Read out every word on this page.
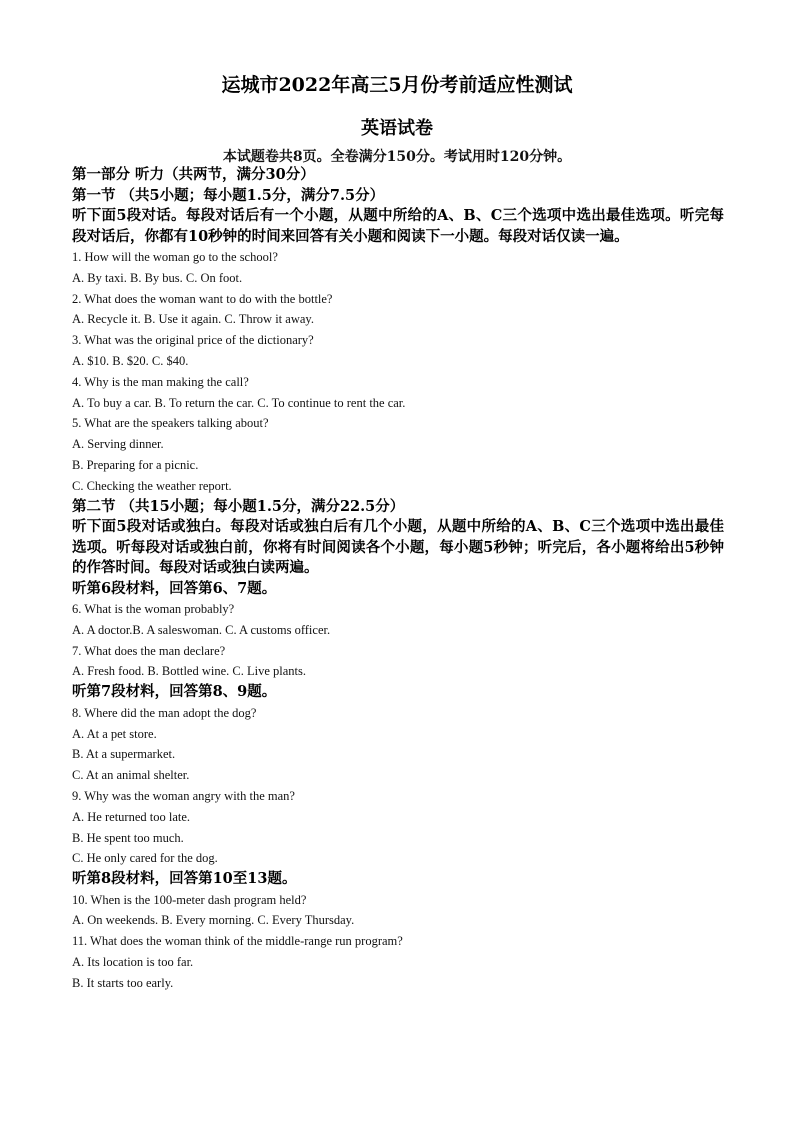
运城市2022年高三5月份考前适应性测试
英语试卷
本试题卷共8页。全卷满分150分。考试用时120分钟。
第一部分 听力（共两节，满分30分）
第一节 （共5小题；每小题1.5分，满分7.5分）
听下面5段对话。每段对话后有一个小题，从题中所给的A、B、C三个选项中选出最佳选项。听完每段对话后，你都有10秒钟的时间来回答有关小题和阅读下一小题。每段对话仅读一遍。
1. How will the woman go to the school?
A. By taxi. B. By bus. C. On foot.
2. What does the woman want to do with the bottle?
A. Recycle it. B. Use it again. C. Throw it away.
3. What was the original price of the dictionary?
A. $10. B. $20. C. $40.
4. Why is the man making the call?
A. To buy a car. B. To return the car. C. To continue to rent the car.
5. What are the speakers talking about?
A. Serving dinner.
B. Preparing for a picnic.
C. Checking the weather report.
第二节 （共15小题；每小题1.5分，满分22.5分）
听下面5段对话或独白。每段对话或独白后有几个小题，从题中所给的A、B、C三个选项中选出最佳选项。听每段对话或独白前，你将有时间阅读各个小题，每小题5秒钟；听完后，各小题将给出5秒钟的作答时间。每段对话或独白读两遍。
听第6段材料，回答第6、7题。
6. What is the woman probably?
A. A doctor.B. A saleswoman. C. A customs officer.
7. What does the man declare?
A. Fresh food. B. Bottled wine. C. Live plants.
听第7段材料，回答第8、9题。
8. Where did the man adopt the dog?
A. At a pet store.
B. At a supermarket.
C. At an animal shelter.
9. Why was the woman angry with the man?
A. He returned too late.
B. He spent too much.
C. He only cared for the dog.
听第8段材料，回答第10至13题。
10. When is the 100-meter dash program held?
A. On weekends. B. Every morning. C. Every Thursday.
11. What does the woman think of the middle-range run program?
A. Its location is too far.
B. It starts too early.
